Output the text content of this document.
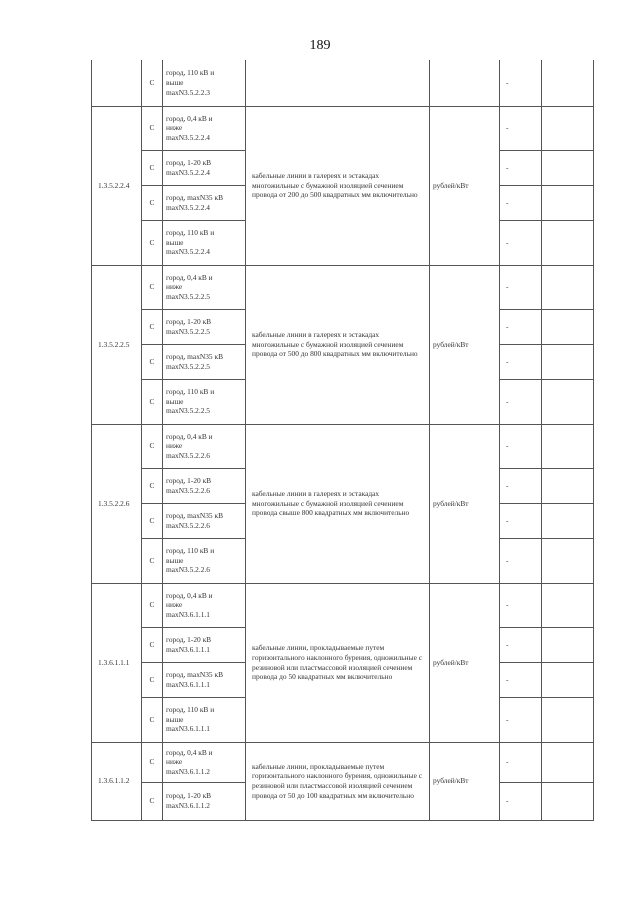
189
	С	город, 110 кВ и
выше
maxN3.5.2.2.3			-	
1.3.5.2.2.4	С	город, 0,4 кВ и
ниже
maxN3.5.2.2.4	кабельные линии в галереях и эстакадах многожильные с бумажной изоляцией сечением провода от 200 до 500 квадратных мм включительно	рублей/кВт	-	
	С	город, 1-20 кВ
maxN3.5.2.2.4			-	
	С	город, maxN35 кВ
maxN3.5.2.2.4			-	
	С	город, 110 кВ и
выше
maxN3.5.2.2.4			-	
1.3.5.2.2.5	С	город, 0,4 кВ и
ниже
maxN3.5.2.2.5	кабельные линии в галереях и эстакадах многожильные с бумажной изоляцией сечением провода от 500 до 800 квадратных мм включительно	рублей/кВт	-	
	С	город, 1-20 кВ
maxN3.5.2.2.5			-	
	С	город, maxN35 кВ
maxN3.5.2.2.5			-	
	С	город, 110 кВ и
выше
maxN3.5.2.2.5			-	
1.3.5.2.2.6	С	город, 0,4 кВ и
ниже
maxN3.5.2.2.6	кабельные линии в галереях и эстакадах многожильные с бумажной изоляцией сечением провода свыше 800 квадратных мм включительно	рублей/кВт	-	
	С	город, 1-20 кВ
maxN3.5.2.2.6			-	
	С	город, maxN35 кВ
maxN3.5.2.2.6			-	
	С	город, 110 кВ и
выше
maxN3.5.2.2.6			-	
1.3.6.1.1.1	С	город, 0,4 кВ и
ниже
maxN3.6.1.1.1	кабельные линии, прокладываемые путем горизонтального наклонного бурения, одножильные с резиновой или пластмассовой изоляцией сечением провода до 50 квадратных мм включительно	рублей/кВт	-	
	С	город, 1-20 кВ
maxN3.6.1.1.1			-	
	С	город, maxN35 кВ
maxN3.6.1.1.1			-	
	С	город, 110 кВ и
выше
maxN3.6.1.1.1			-	
1.3.6.1.1.2	С	город, 0,4 кВ и
ниже
maxN3.6.1.1.2	кабельные линии, прокладываемые путем горизонтального наклонного бурения, одножильные с резиновой или пластмассовой изоляцией сечением провода от 50 до 100 квадратных мм включительно	рублей/кВт	-	
	С	город, 1-20 кВ
maxN3.6.1.1.2			-	
